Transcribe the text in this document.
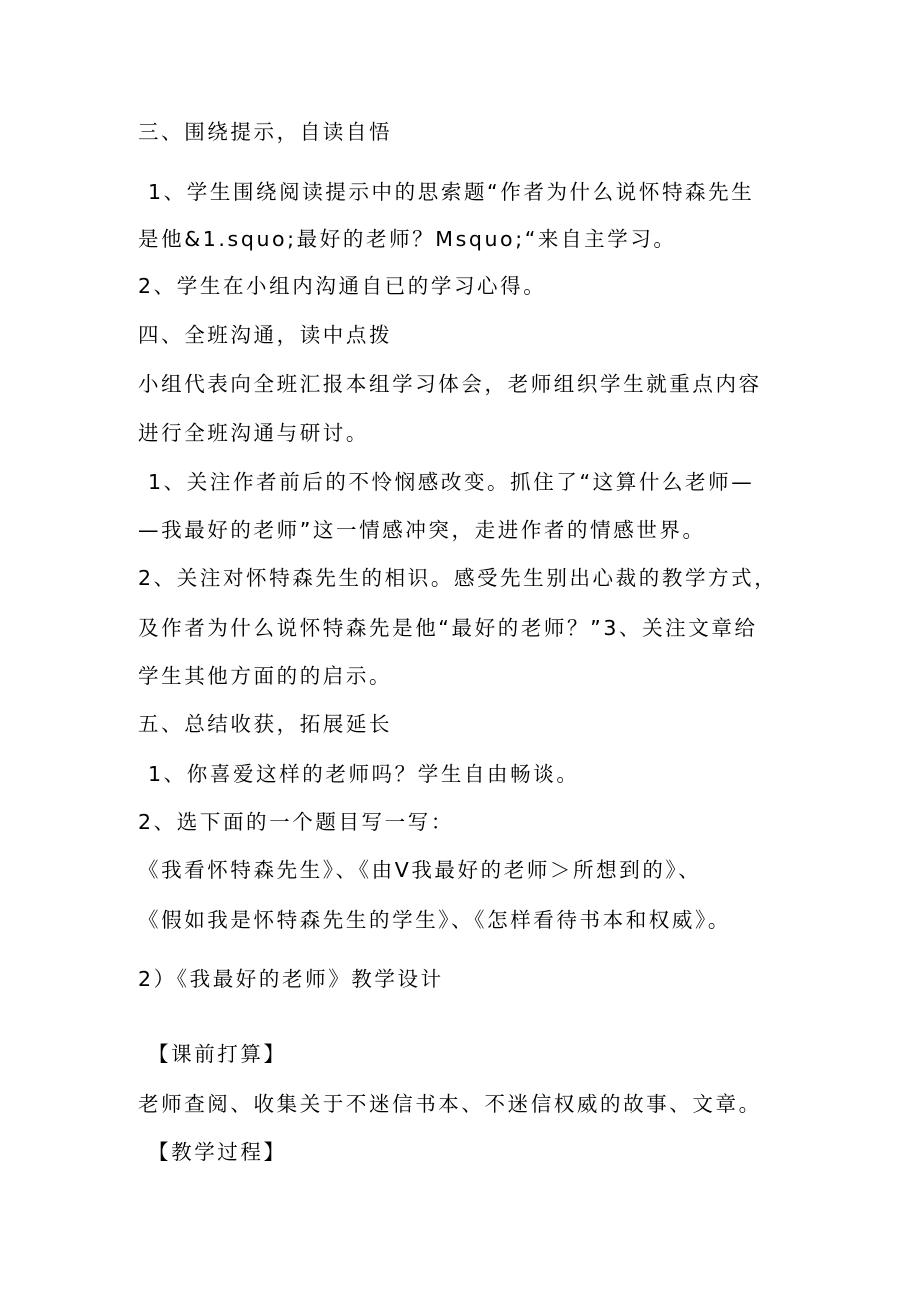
三、围绕提示，自读自悟
1、学生围绕阅读提示中的思索题“作者为什么说怀特森先生
是他&1.squo;最好的老师？Msquo;“来自主学习。
2、学生在小组内沟通自已的学习心得。
四、全班沟通，读中点拨
小组代表向全班汇报本组学习体会，老师组织学生就重点内容
进行全班沟通与研讨。
1、关注作者前后的不怜悯感改变。抓住了“这算什么老师—
—我最好的老师”这一情感冲突，走进作者的情感世界。
2、关注对怀特森先生的相识。感受先生别出心裁的教学方式，
及作者为什么说怀特森先是他“最好的老师？”3、关注文章给
学生其他方面的的启示。
五、总结收获，拓展延长
1、你喜爱这样的老师吗？学生自由畅谈。
2、选下面的一个题目写一写：
《我看怀特森先生》、《由V我最好的老师＞所想到的》、
《假如我是怀特森先生的学生》、《怎样看待书本和权威》。
2）《我最好的老师》教学设计
【课前打算】
老师查阅、收集关于不迷信书本、不迷信权威的故事、文章。
【教学过程】
